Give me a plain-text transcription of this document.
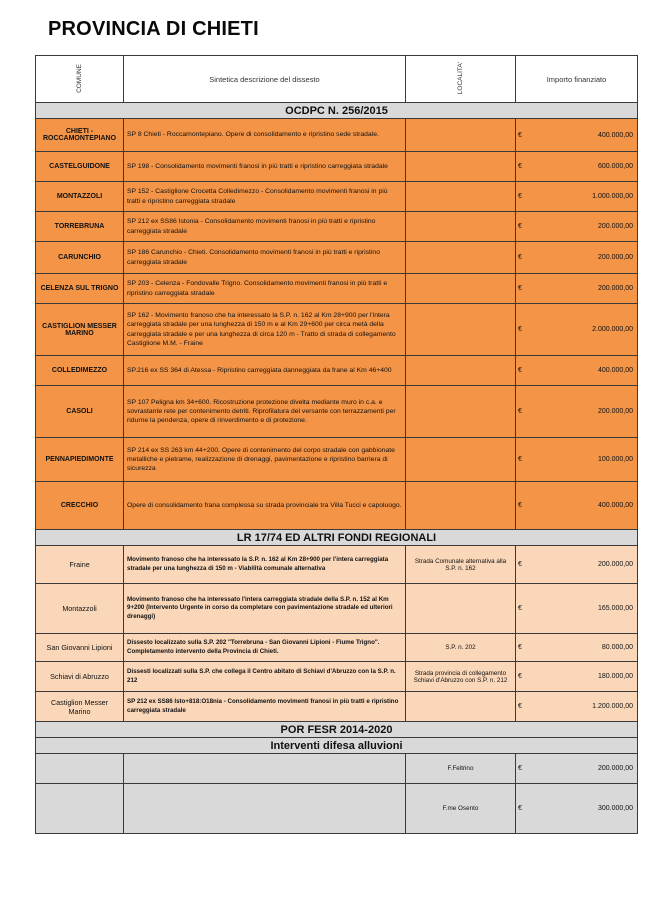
PROVINCIA DI CHIETI
COMUNE	Sintetica descrizione del dissesto	LOCALITA'	Importo finanziato	
OCDPC N. 256/2015				
CHIETI - ROCCAMONTEPIANO	SP 8 Chieti - Roccamontepiano. Opere di consolidamento e ripristino sede stradale.		€	400.000,00
CASTELGUIDONE	SP 198 - Consolidamento movimenti franosi in più tratti e ripristino carreggiata stradale		€	600.000,00
MONTAZZOLI	SP 152 - Castiglione Crocetta Colledimezzo - Consolidamento movimenti franosi in più tratti e ripristino carreggiata stradale		€	1.000.000,00
TORREBRUNA	SP 212 ex SS86 Istonia - Consolidamento movimenti franosi in più tratti e ripristino carreggiata stradale		€	200.000,00
CARUNCHIO	SP 186 Carunchio - Chieti. Consolidamento movimenti franosi in più tratti e ripristino carreggiata stradale		€	200.000,00
CELENZA SUL TRIGNO	SP 203 - Celenza - Fondovalle Trigno. Consolidamento movimenti franosi in più tratti e ripristino carreggiata stradale		€	200.000,00
CASTIGLION MESSER MARINO	SP 162 - Movimento franoso che ha interessato la S.P. n. 162 al Km 28+900 per l'intera carreggiata stradale per una lunghezza di 150 m e al Km 29+600 per circa metà della carreggiata stradale e per una lunghezza di circa 120 m - Tratto di strada di collegamento Castiglione M.M. - Fraine		€	2.000.000,00
COLLEDIMEZZO	SP.216 ex SS 364 di Atessa - Ripristino carreggiata danneggiata da frane al Km 46+400		€	400.000,00
CASOLI	SP 107 Peligna km 34+600. Ricostruzione protezione divelta mediante muro in c.a. e sovrastante rete per contenimento detriti. Riprofilatura del versante con terrazzamenti per ridurne la pendenza, opere di rinverdimento e di protezione.		€	200.000,00
PENNAPIEDIMONTE	SP 214 ex SS 263 km 44+200. Opere di contenimento del corpo stradale con gabbionate metalliche e pietrame, realizzazione di drenaggi, pavimentazione e ripristino barriera di sicurezza		€	100.000,00
CRECCHIO	Opere di consolidamento frana complessa su strada provinciale tra Villa Tucci e capoluogo.		€	400.000,00
LR 17/74 ED ALTRI FONDI REGIONALI				
Fraine	Movimento franoso che ha interessato la S.P. n. 162 al Km 28+900 per l'intera carreggiata stradale per una lunghezza di 150 m - Viabilità comunale alternativa	Strada Comunale alternativa alla S.P. n. 162	€	200.000,00
Montazzoli	Movimento franoso che ha interessato l'intera carreggiata stradale della S.P. n. 152 al Km 9+200 (Intervento Urgente in corso da completare con pavimentazione stradale ed ulteriori drenaggi)		€	165.000,00
San Giovanni Lipioni	Dissesto localizzato sulla S.P. 202 "Torrebruna - San Giovanni Lipioni - Fiume Trigno". Completamento intervento della Provincia di Chieti.	S.P. n. 202	€	80.000,00
Schiavi di Abruzzo	Dissesti localizzati sulla S.P. che collega il Centro abitato di Schiavi d'Abruzzo con la S.P. n. 212	Strada provincia di collegamento Schiavi d'Abruzzo con S.P. n. 212	€	180.000,00
Castiglion Messer Marino	SP 212 ex SS86 Isto+818:O18nia - Consolidamento movimenti franosi in più tratti e ripristino carreggiata stradale		€	1.200.000,00
POR FESR 2014-2020				
Interventi difesa alluvioni				
		F.Feltrino	€	200.000,00
		F.me Osento	€	300.000,00
